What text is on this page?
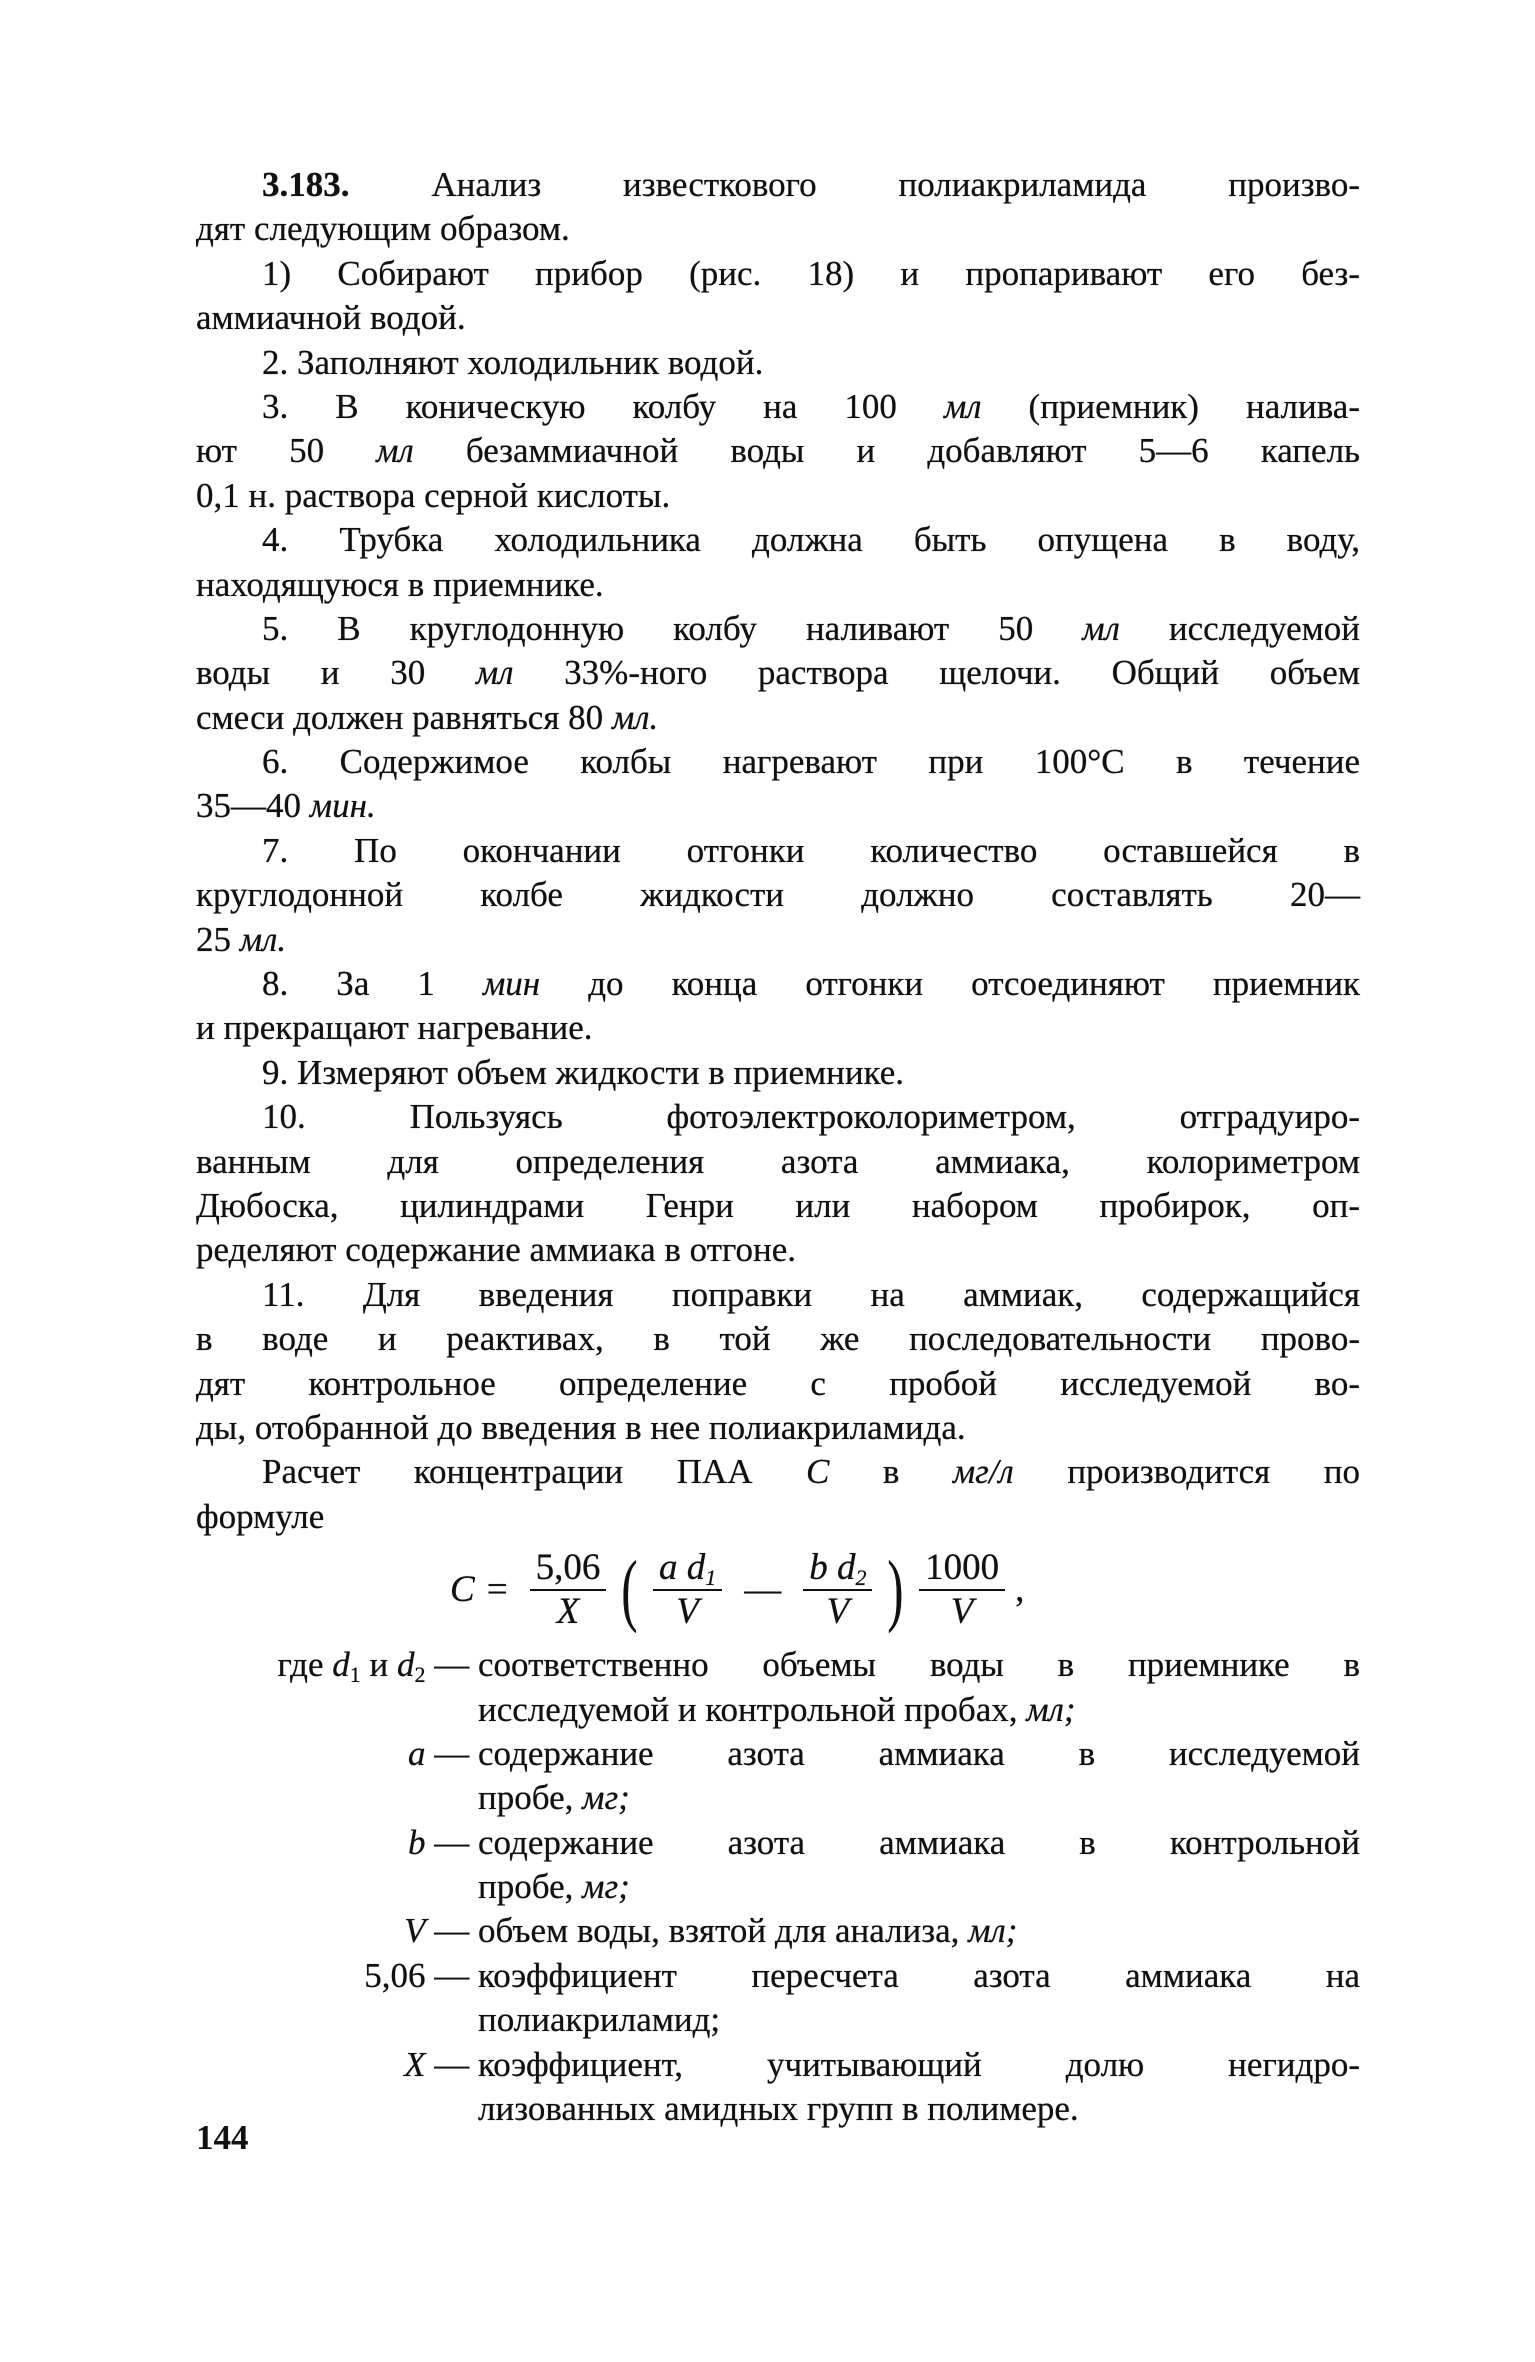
3.183. Анализ известкового полиакриламида произво-
дят следующим образом.
1) Собирают прибор (рис. 18) и пропаривают его без-
аммиачной водой.
2. Заполняют холодильник водой.
3. В коническую колбу на 100 мл (приемник) налива-
ют 50 мл безаммиачной воды и добавляют 5—6 капель
0,1 н. раствора серной кислоты.
4. Трубка холодильника должна быть опущена в воду,
находящуюся в приемнике.
5. В круглодонную колбу наливают 50 мл исследуемой
воды и 30 мл 33%-ного раствора щелочи. Общий объем
смеси должен равняться 80 мл.
6. Содержимое колбы нагревают при 100°С в течение
35—40 мин.
7. По окончании отгонки количество оставшейся в
круглодонной колбе жидкости должно составлять 20—
25 мл.
8. За 1 мин до конца отгонки отсоединяют приемник
и прекращают нагревание.
9. Измеряют объем жидкости в приемнике.
10. Пользуясь фотоэлектроколориметром, отградуиро-
ванным для определения азота аммиака, колориметром
Дюбоска, цилиндрами Генри или набором пробирок, оп-
ределяют содержание аммиака в отгоне.
11. Для введения поправки на аммиак, содержащийся
в воде и реактивах, в той же последовательности прово-
дят контрольное определение с пробой исследуемой во-
ды, отобранной до введения в нее полиакриламида.
Расчет концентрации ПАА C в мг/л производится по
формуле
$C = \frac{5,06}{X}$ ( $\frac{a d_1}{V}$ — $\frac{b d_2}{V}$ ) $\frac{1000}{V}$ ,
где $d_1$ и $d_2$ — соответственно объемы воды в приемнике в
исследуемой и контрольной пробах, мл;
a — содержание азота аммиака в исследуемой
пробе, мг;
b — содержание азота аммиака в контрольной
пробе, мг;
V — объем воды, взятой для анализа, мл;
5,06 — коэффициент пересчета азота аммиака на
полиакриламид;
X — коэффициент, учитывающий долю негидро-
лизованных амидных групп в полимере.
144
